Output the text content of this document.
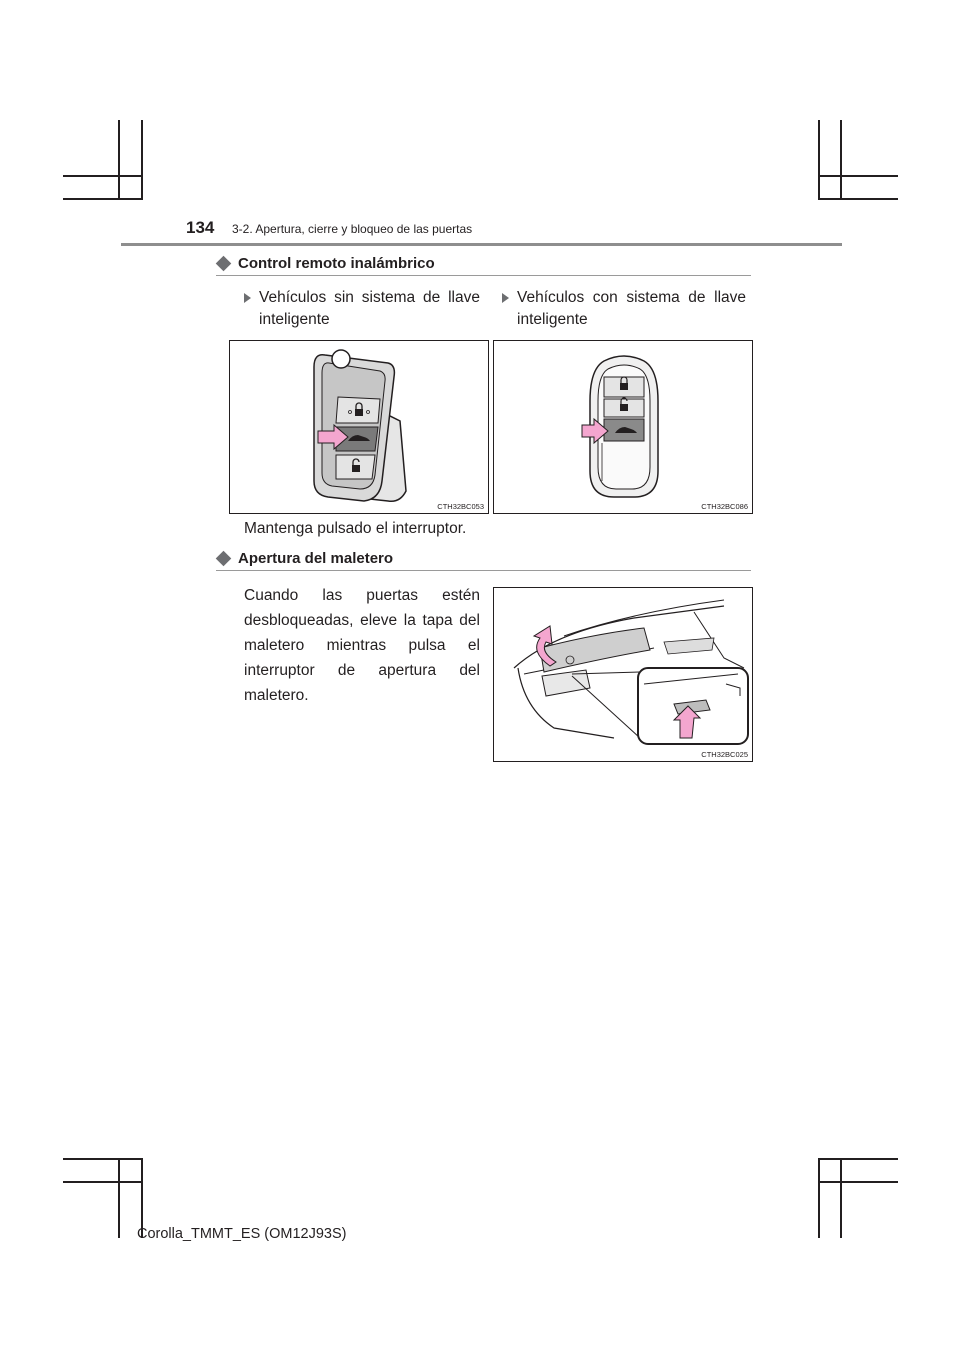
134 3-2. Apertura, cierre y bloqueo de las puertas
Control remoto inalámbrico
Vehículos sin sistema de llave inteligente
Vehículos con sistema de llave inteligente
CTH32BC053	CTH32BC086
Mantenga pulsado el interruptor.
Apertura del maletero
Cuando las puertas estén desbloqueadas, eleve la tapa del maletero mientras pulsa el interruptor de apertura del maletero.
CTH32BC025
Corolla_TMMT_ES (OM12J93S)
